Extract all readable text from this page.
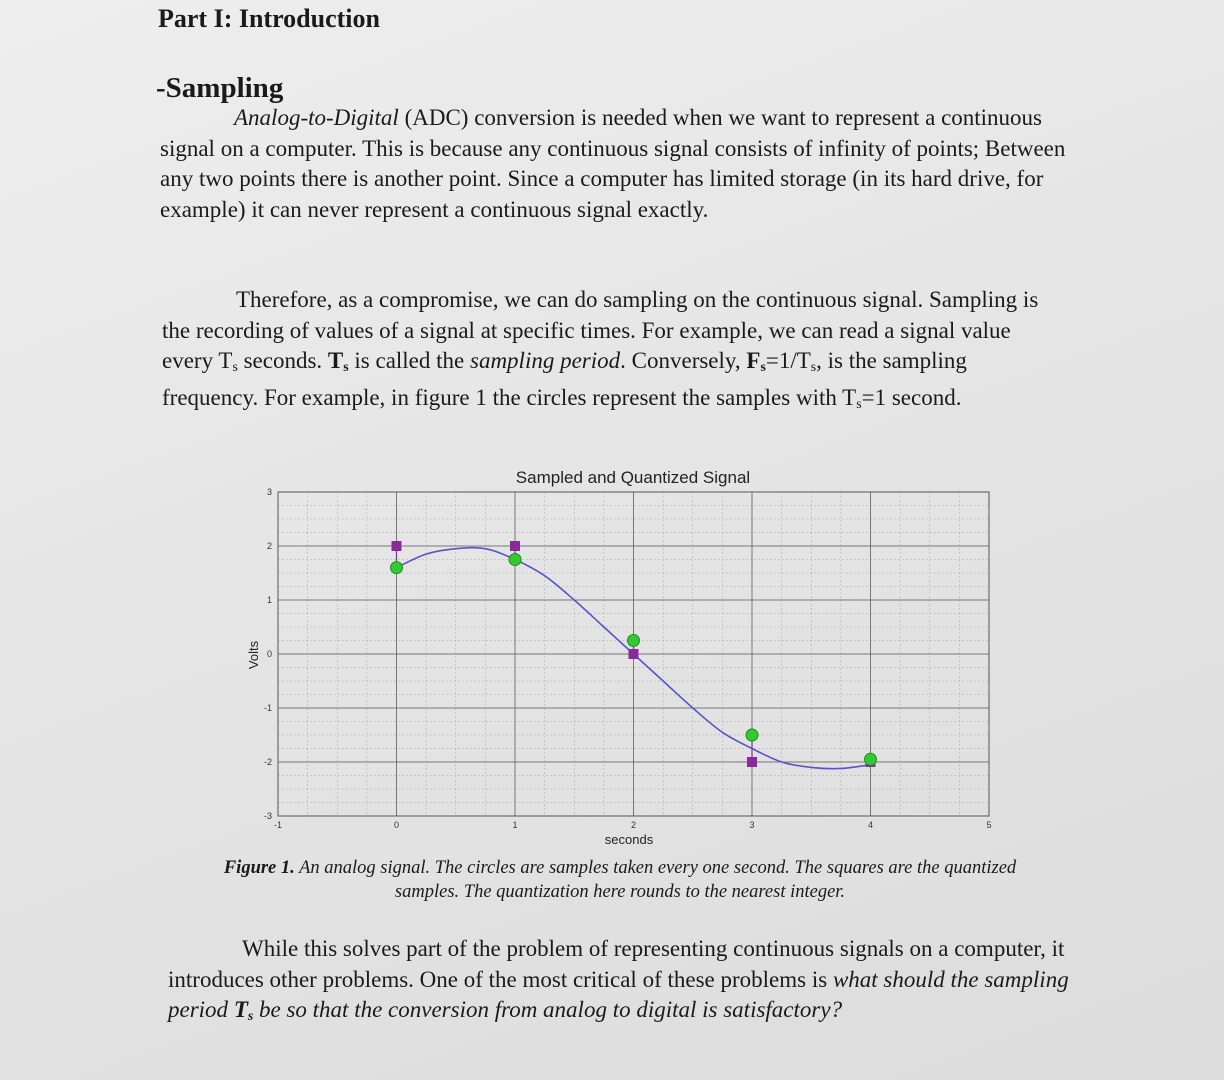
Part I: Introduction
-Sampling

Analog-to-Digital (ADC) conversion is needed when we want to represent a continuous signal on a computer. This is because any continuous signal consists of infinity of points; Between any two points there is another point. Since a computer has limited storage (in its hard drive, for example) it can never represent a continuous signal exactly.

Therefore, as a compromise, we can do sampling on the continuous signal. Sampling is the recording of values of a signal at specific times. For example, we can read a signal value every $T_s$ seconds. $T_s$ is called the sampling period. Conversely, $F_s=1/T_s$, is the sampling frequency. For example, in figure 1 the circles represent the samples with $T_s=1$ second.

Sampled and Quantized Signal
-1	0	1	2	3	4	5
-3
-2
-1
0
1
2
3
seconds
Volts

Figure 1. An analog signal. The circles are samples taken every one second. The squares are the quantized
samples. The quantization here rounds to the nearest integer.

While this solves part of the problem of representing continuous signals on a computer, it introduces other problems. One of the most critical of these problems is what should the sampling period $T_s$ be so that the conversion from analog to digital is satisfactory?
